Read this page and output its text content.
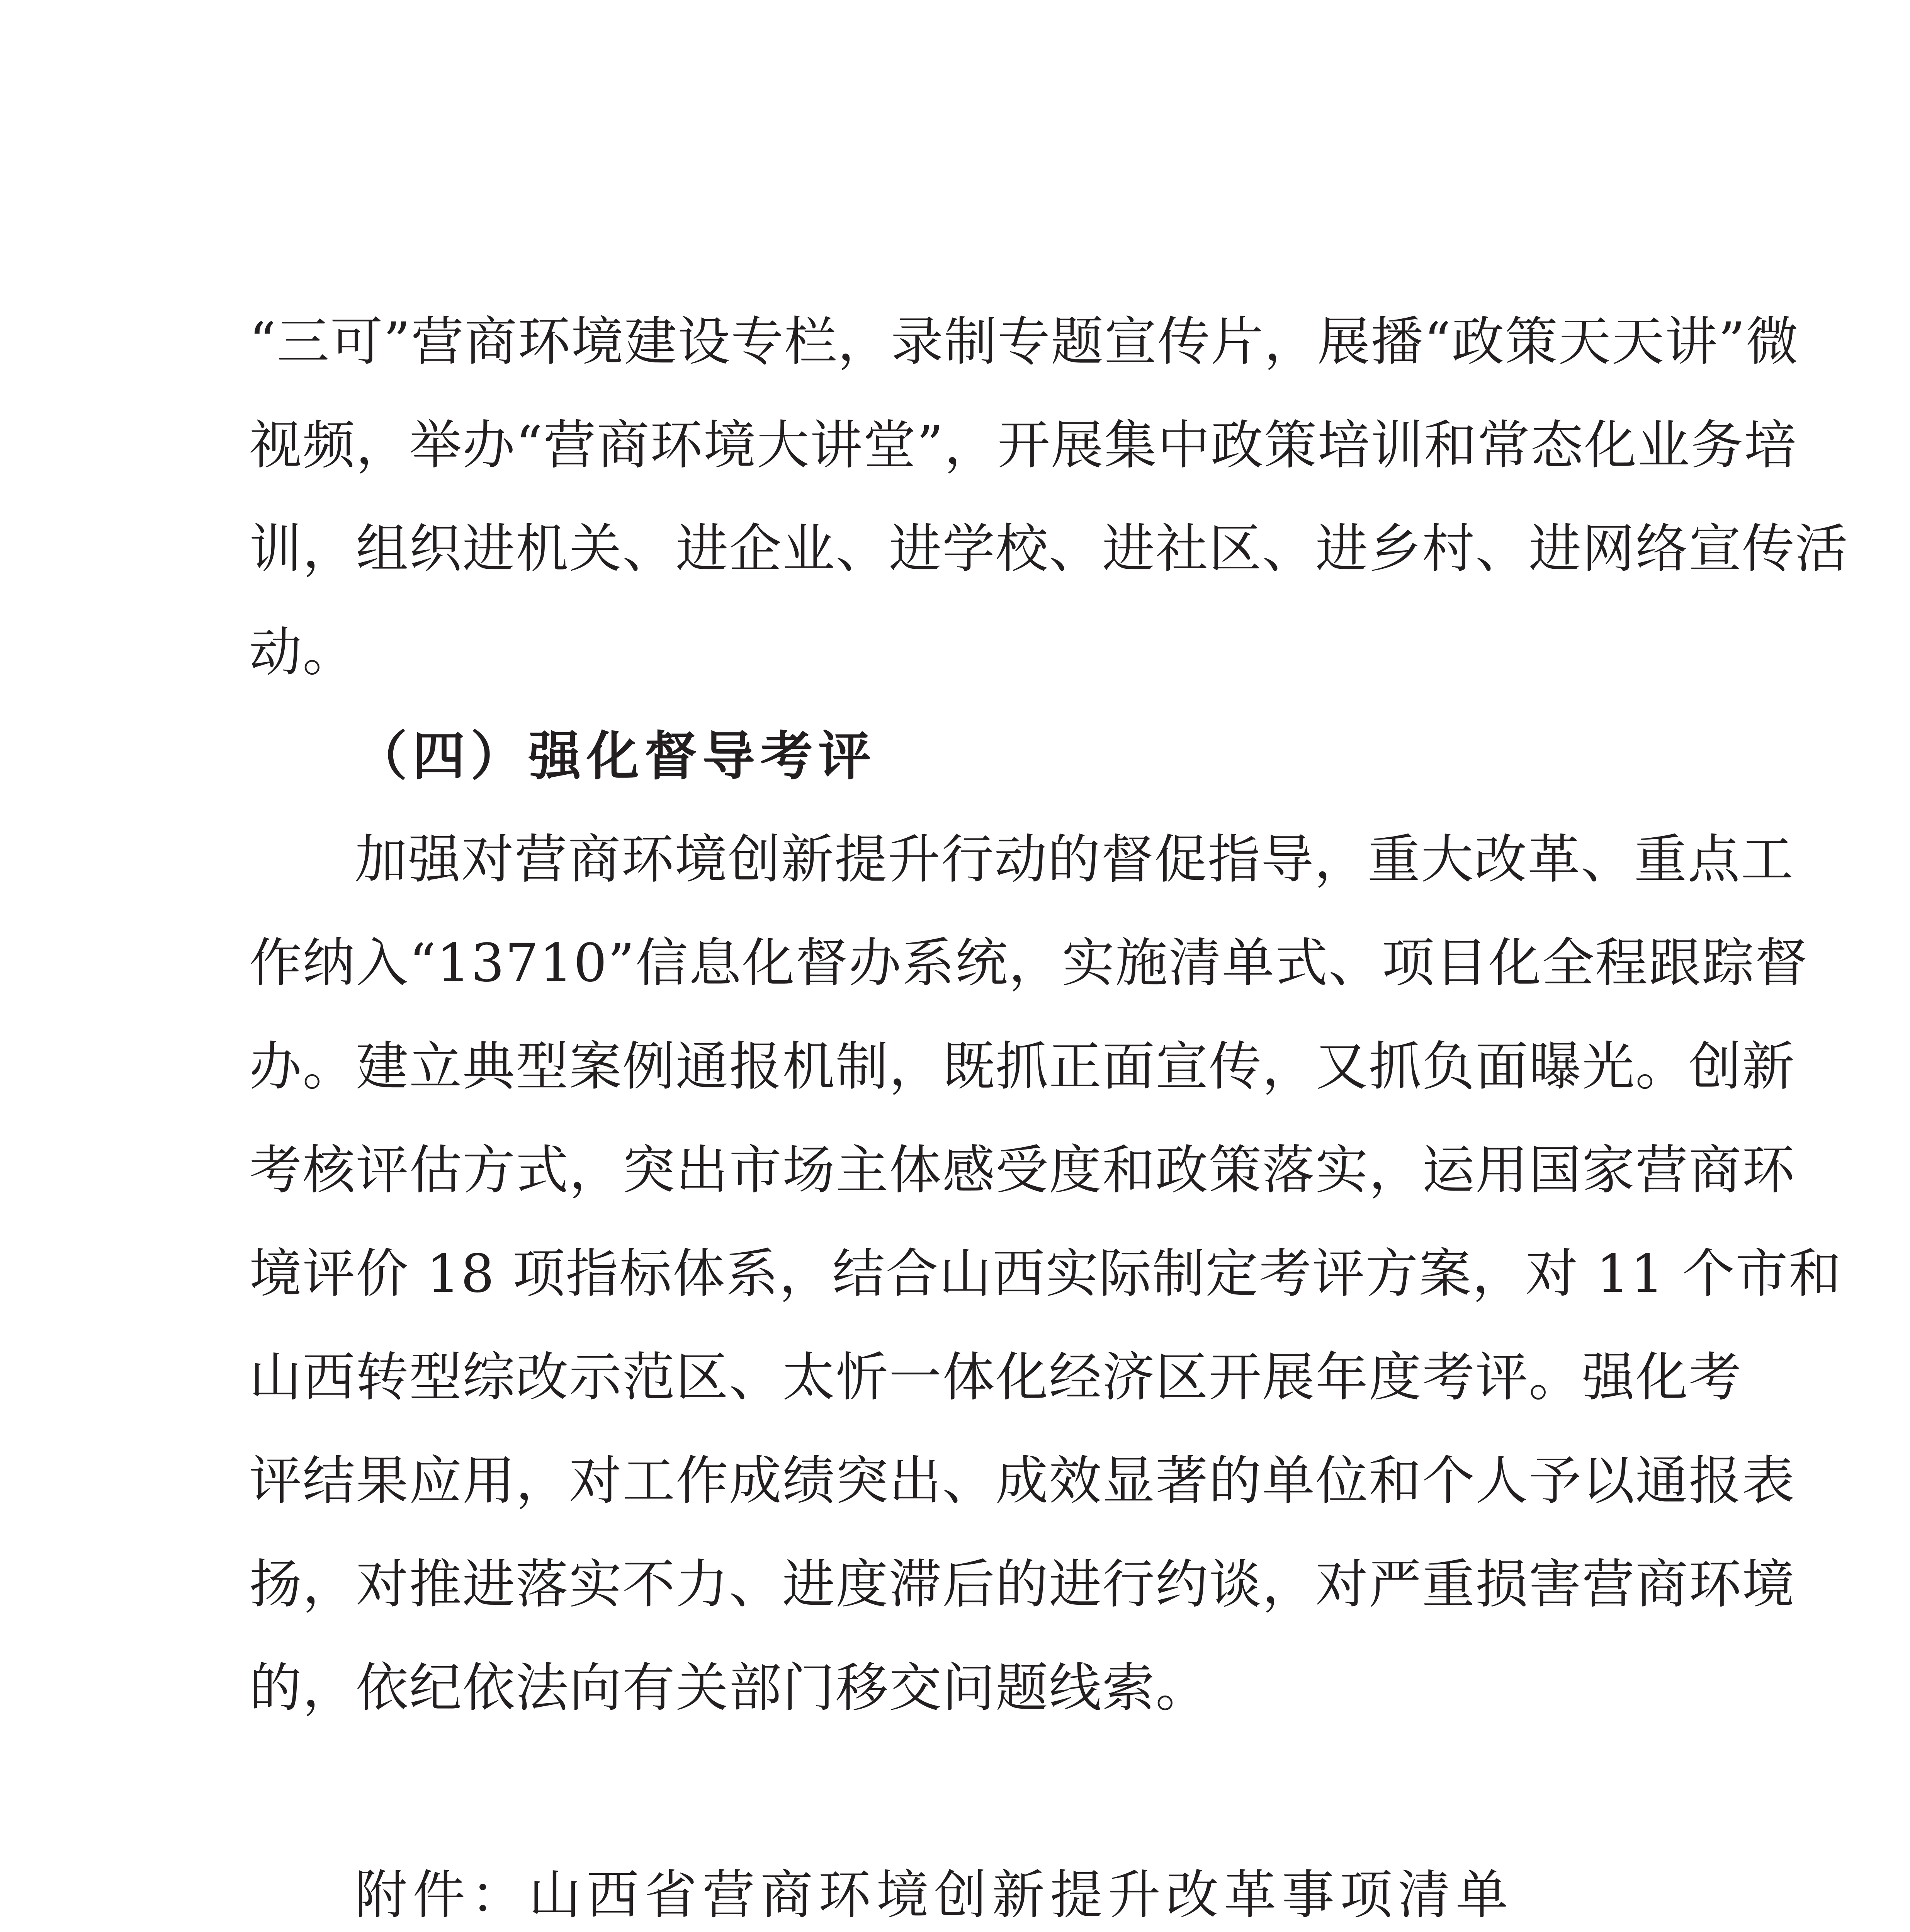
“三可”营商环境建设专栏，录制专题宣传片，展播“政策天天讲”微
视频，举办“营商环境大讲堂”，开展集中政策培训和常态化业务培
训，组织进机关、进企业、进学校、进社区、进乡村、进网络宣传活
动。
（四）强化督导考评
加强对营商环境创新提升行动的督促指导，重大改革、重点工
作纳入“13710”信息化督办系统，实施清单式、项目化全程跟踪督
办。建立典型案例通报机制，既抓正面宣传，又抓负面曝光。创新
考核评估方式，突出市场主体感受度和政策落实，运用国家营商环
境评价 18 项指标体系，结合山西实际制定考评方案，对 11 个市和
山西转型综改示范区、太忻一体化经济区开展年度考评。强化考
评结果应用，对工作成绩突出、成效显著的单位和个人予以通报表
扬，对推进落实不力、进度滞后的进行约谈，对严重损害营商环境
的，依纪依法向有关部门移交问题线索。
附件：山西省营商环境创新提升改革事项清单
